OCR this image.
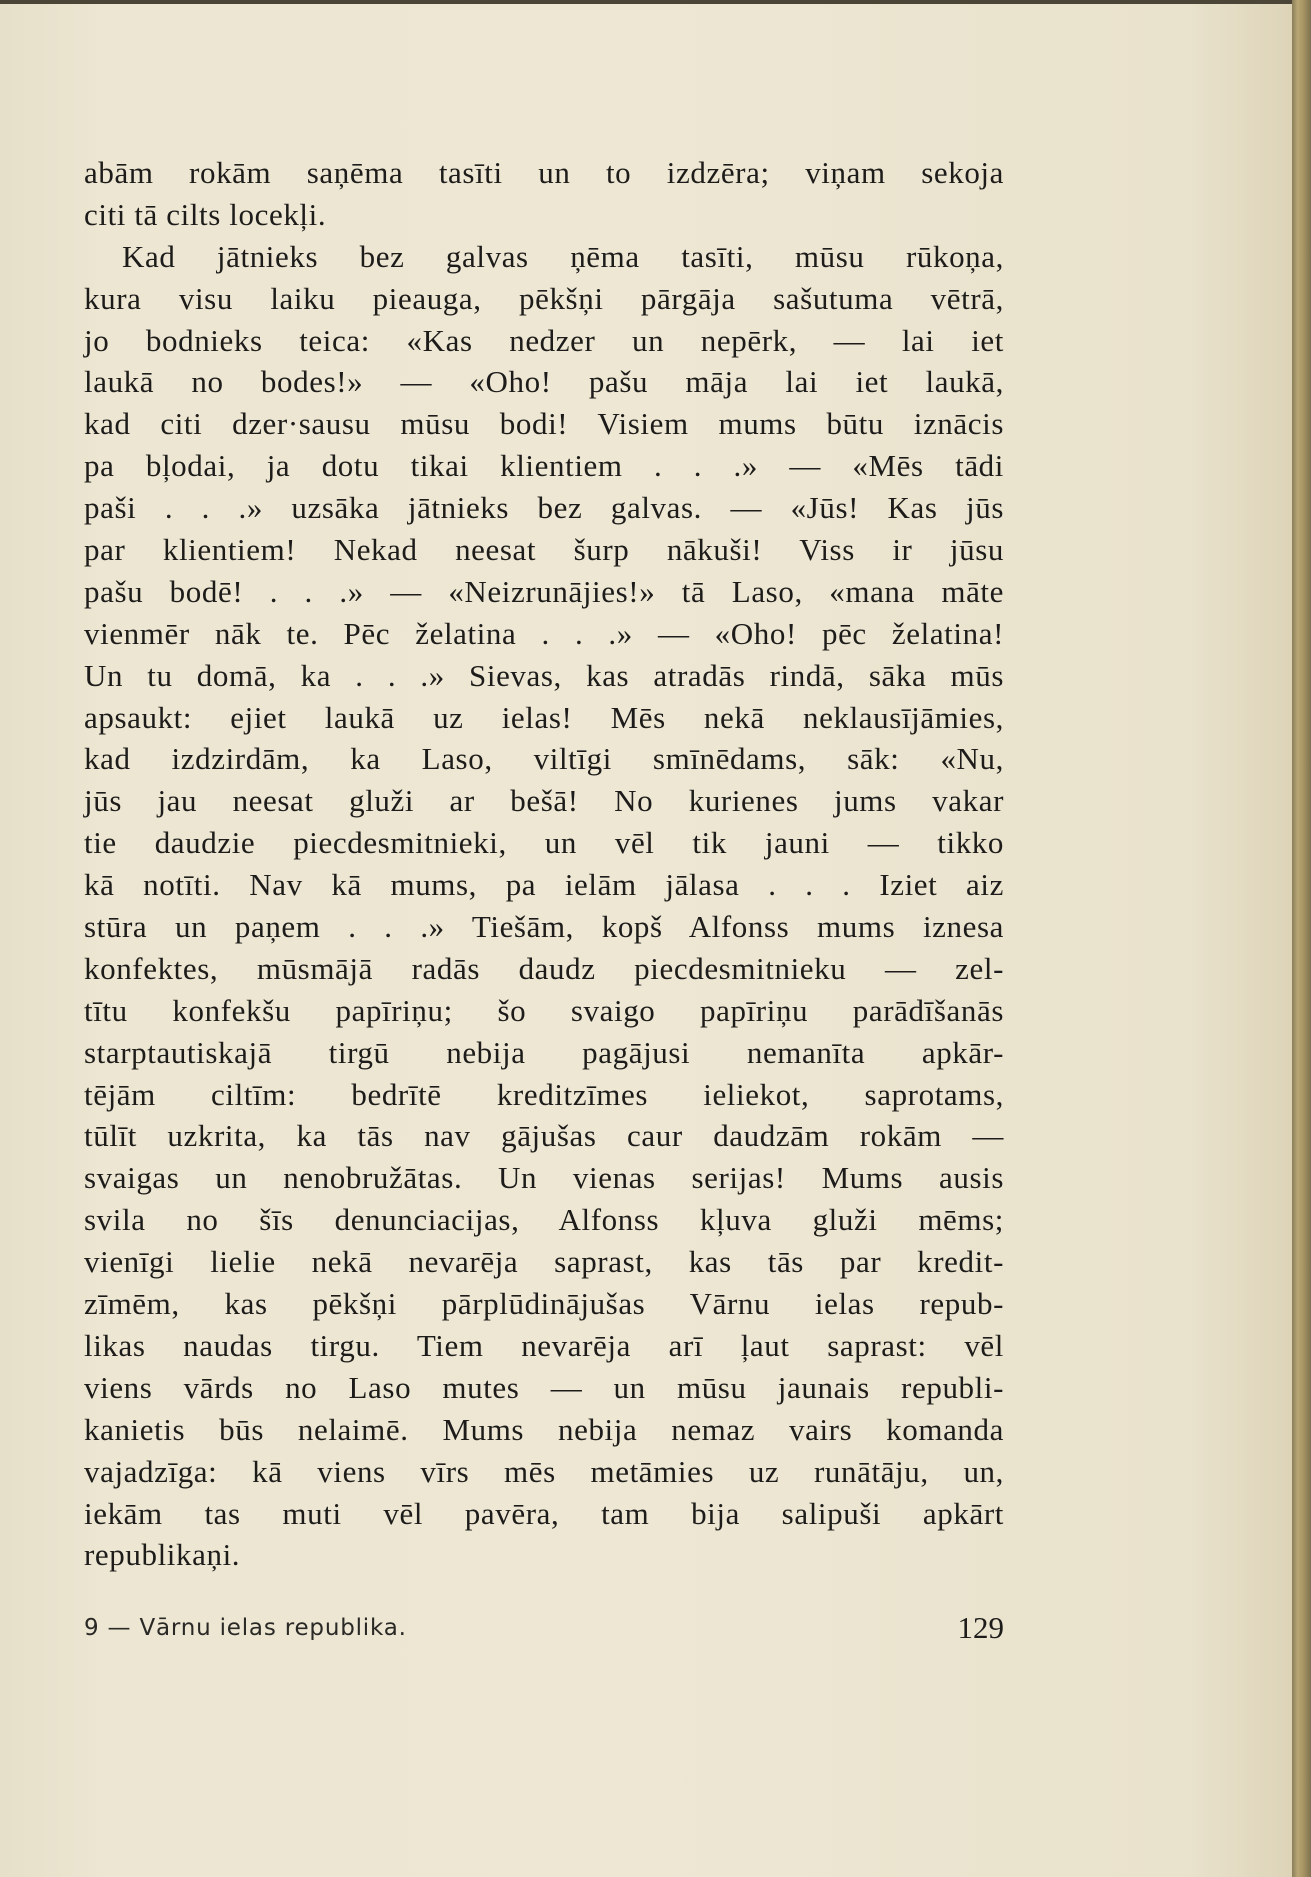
abām rokām saņēma tasīti un to izdzēra; viņam sekoja
citi tā cilts locekļi.
Kad jātnieks bez galvas ņēma tasīti, mūsu rūkoņa,
kura visu laiku pieauga, pēkšņi pārgāja sašutuma vētrā,
jo bodnieks teica: «Kas nedzer un nepērk, — lai iet
laukā no bodes!» — «Oho! pašu māja lai iet laukā,
kad citi dzer·sausu mūsu bodi! Visiem mums būtu iznācis
pa bļodai, ja dotu tikai klientiem . . .» — «Mēs tādi
paši . . .» uzsāka jātnieks bez galvas. — «Jūs! Kas jūs
par klientiem! Nekad neesat šurp nākuši! Viss ir jūsu
pašu bodē! . . .» — «Neizrunājies!» tā Laso, «mana māte
vienmēr nāk te. Pēc želatina . . .» — «Oho! pēc želatina!
Un tu domā, ka . . .» Sievas, kas atradās rindā, sāka mūs
apsaukt: ejiet laukā uz ielas! Mēs nekā neklausījāmies,
kad izdzirdām, ka Laso, viltīgi smīnēdams, sāk: «Nu,
jūs jau neesat gluži ar bešā! No kurienes jums vakar
tie daudzie piecdesmitnieki, un vēl tik jauni — tikko
kā notīti. Nav kā mums, pa ielām jālasa . . . Iziet aiz
stūra un paņem . . .» Tiešām, kopš Alfonss mums iznesa
konfektes, mūsmājā radās daudz piecdesmitnieku — zel-
tītu konfekšu papīriņu; šo svaigo papīriņu parādīšanās
starptautiskajā tirgū nebija pagājusi nemanīta apkār-
tējām ciltīm: bedrītē kreditzīmes ieliekot, saprotams,
tūlīt uzkrita, ka tās nav gājušas caur daudzām rokām —
svaigas un nenobružātas. Un vienas serijas! Mums ausis
svila no šīs denunciacijas, Alfonss kļuva gluži mēms;
vienīgi lielie nekā nevarēja saprast, kas tās par kredit-
zīmēm, kas pēkšņi pārplūdinājušas Vārnu ielas repub-
likas naudas tirgu. Tiem nevarēja arī ļaut saprast: vēl
viens vārds no Laso mutes — un mūsu jaunais republi-
kanietis būs nelaimē. Mums nebija nemaz vairs komanda
vajadzīga: kā viens vīrs mēs metāmies uz runātāju, un,
iekām tas muti vēl pavēra, tam bija salipuši apkārt
republikaņi.
9 — Vārnu ielas republika.	129
